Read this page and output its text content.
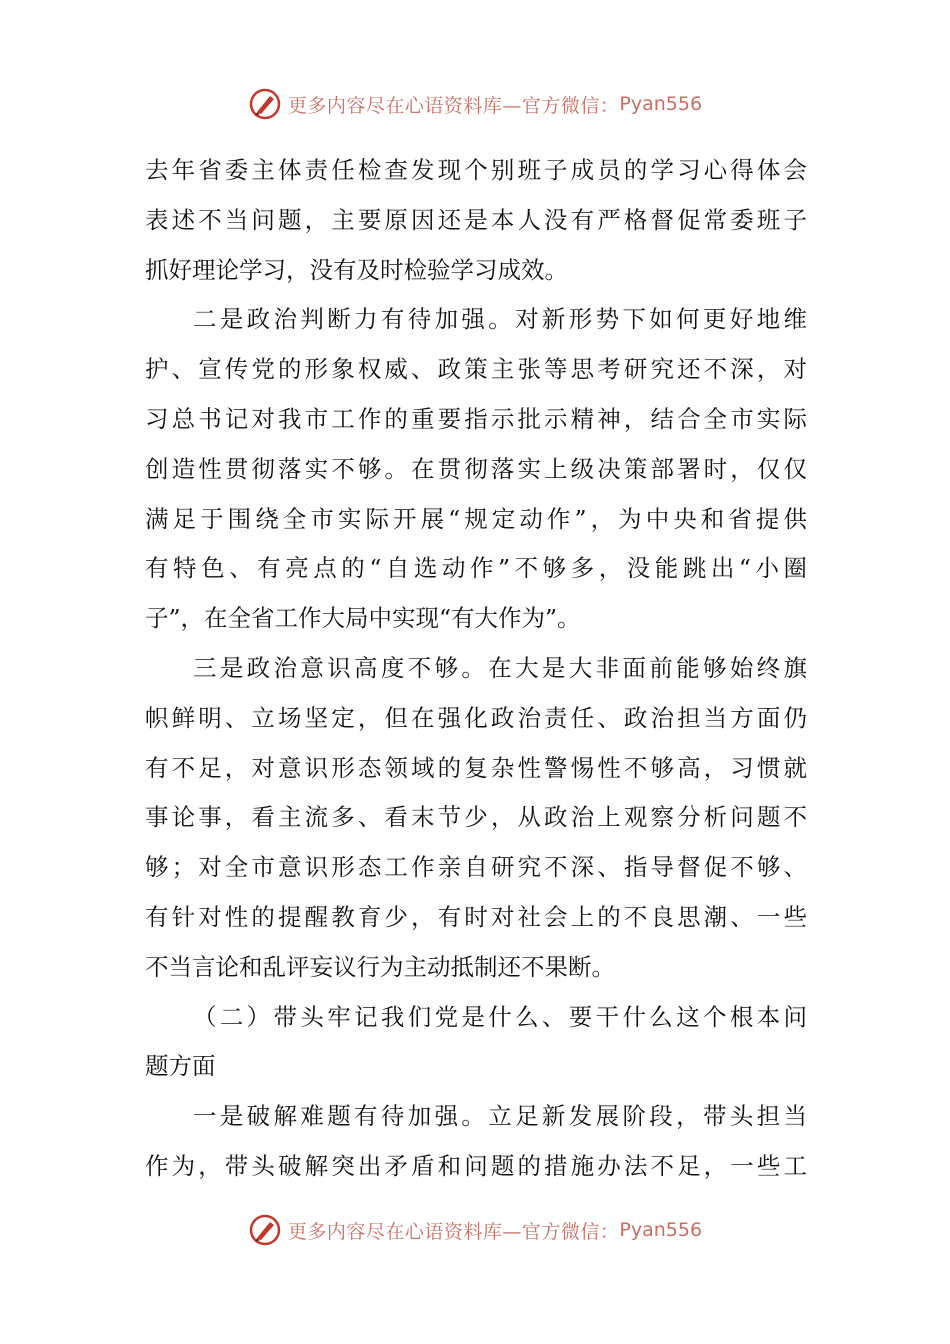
更多内容尽在心语资料库—官方微信： Pyan556
去年省委主体责任检查发现个别班子成员的学习心得体会
表述不当问题，主要原因还是本人没有严格督促常委班子
抓好理论学习，没有及时检验学习成效。
二是政治判断力有待加强。对新形势下如何更好地维
护、宣传党的形象权威、政策主张等思考研究还不深，对
习总书记对我市工作的重要指示批示精神，结合全市实际
创造性贯彻落实不够。在贯彻落实上级决策部署时，仅仅
满足于围绕全市实际开展“规定动作”，为中央和省提供
有特色、有亮点的“自选动作”不够多，没能跳出“小圈
子”，在全省工作大局中实现“有大作为”。
三是政治意识高度不够。在大是大非面前能够始终旗
帜鲜明、立场坚定，但在强化政治责任、政治担当方面仍
有不足，对意识形态领域的复杂性警惕性不够高，习惯就
事论事，看主流多、看末节少，从政治上观察分析问题不
够；对全市意识形态工作亲自研究不深、指导督促不够、
有针对性的提醒教育少，有时对社会上的不良思潮、一些
不当言论和乱评妄议行为主动抵制还不果断。
（二）带头牢记我们党是什么、要干什么这个根本问
题方面
一是破解难题有待加强。立足新发展阶段，带头担当
作为，带头破解突出矛盾和问题的措施办法不足，一些工
更多内容尽在心语资料库—官方微信： Pyan556
